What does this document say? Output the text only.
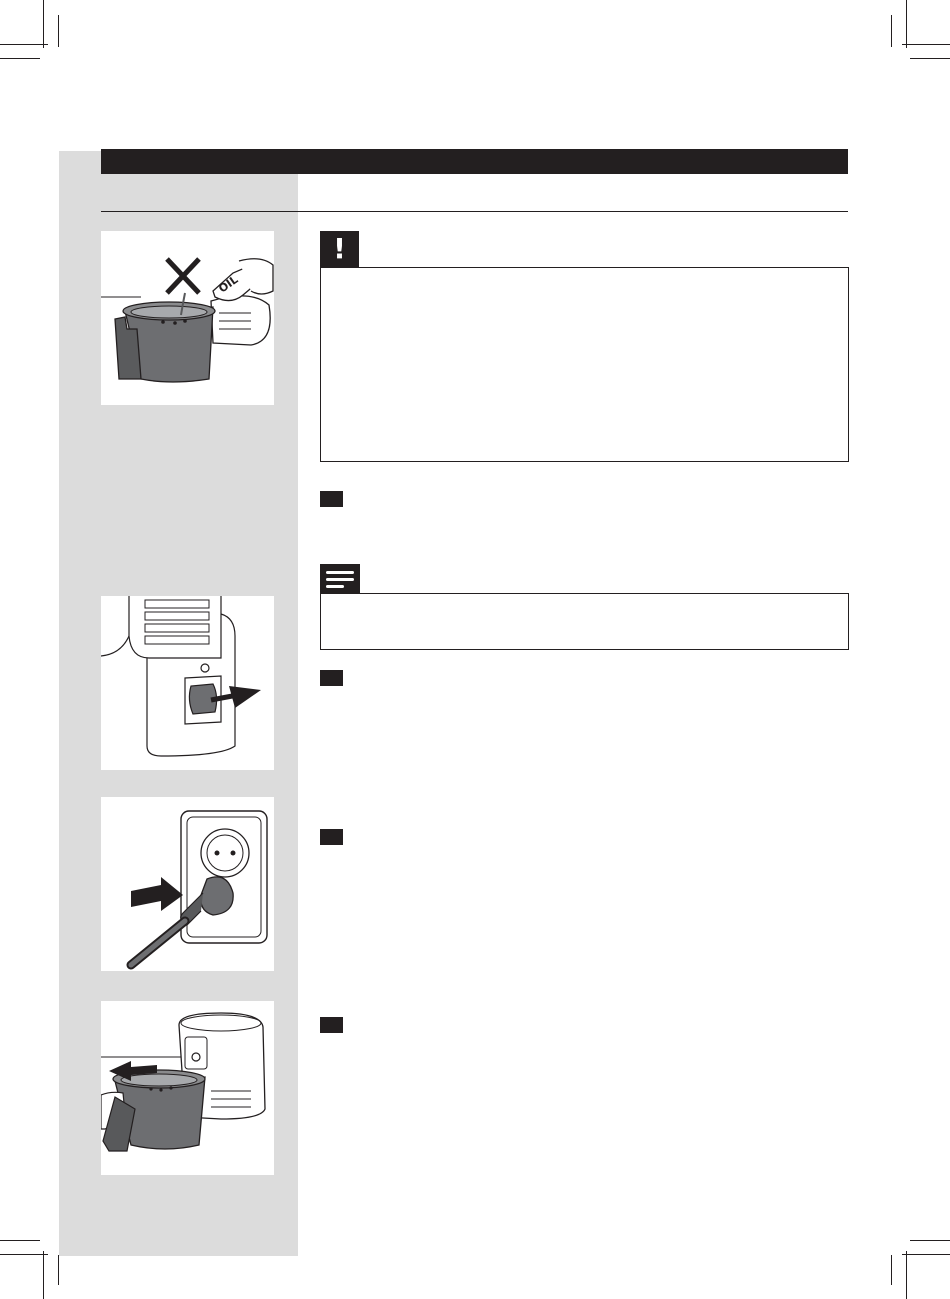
OIL
!
